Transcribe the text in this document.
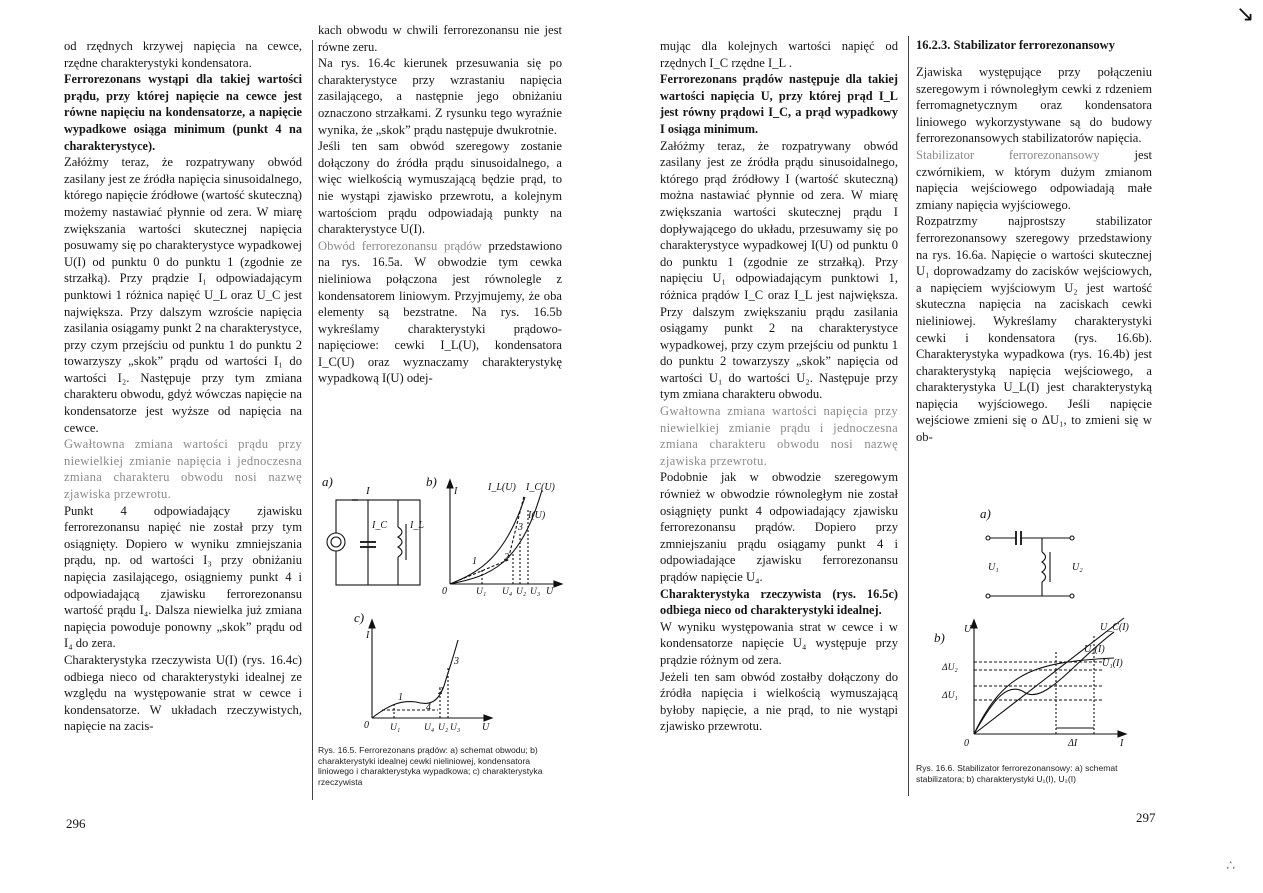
od rzędnych krzywej napięcia na cewce, rzędne charakterystyki kondensatora.

Ferrorezonans wystąpi dla takiej wartości prądu, przy której napięcie na cewce jest równe napięciu na kondensatorze, a napięcie wypadkowe osiąga minimum (punkt 4 na charakterystyce).

Załóżmy teraz, że rozpatrywany obwód zasilany jest ze źródła napięcia sinusoidalnego, którego napięcie źródłowe (wartość skuteczną) możemy nastawiać płynnie od zera. W miarę zwiększania wartości skutecznej napięcia posuwamy się po charakterystyce wypadkowej U(I) od punktu 0 do punktu 1 (zgodnie ze strzałką). Przy prądzie I₁ odpowiadającym punktowi 1 różnica napięć U_L oraz U_C jest największa. Przy dalszym wzroście napięcia zasilania osiągamy punkt 2 na charakterystyce, przy czym przejściu od punktu 1 do punktu 2 towarzyszy „skok” prądu od wartości I₁ do wartości I₂. Następuje przy tym zmiana charakteru obwodu, gdyż wówczas napięcie na kondensatorze jest wyższe od napięcia na cewce.

Gwałtowna zmiana wartości prądu przy niewielkiej zmianie napięcia i jednoczesna zmiana charakteru obwodu nosi nazwę zjawiska przewrotu.

Punkt 4 odpowiadający zjawisku ferrorezonansu napięć nie został przy tym osiągnięty. Dopiero w wyniku zmniejszania prądu, np. od wartości I₃ przy obniżaniu napięcia zasilającego, osiągniemy punkt 4 i odpowiadającą zjawisku ferrorezonansu wartość prądu I₄. Dalsza niewielka już zmiana napięcia powoduje ponowny „skok” prądu od I₄ do zera.

Charakterystyka rzeczywista U(I) (rys. 16.4c) odbiega nieco od charakterystyki idealnej ze względu na występowanie strat w cewce i kondensatorze. W układach rzeczywistych, napięcie na zacis-

kach obwodu w chwili ferrorezonansu nie jest równe zeru.

Na rys. 16.4c kierunek przesuwania się po charakterystyce przy wzrastaniu napięcia zasilającego, a następnie jego obniżaniu oznaczono strzałkami. Z rysunku tego wyraźnie wynika, że „skok” prądu następuje dwukrotnie.

Jeśli ten sam obwód szeregowy zostanie dołączony do źródła prądu sinusoidalnego, a więc wielkością wymuszającą będzie prąd, to nie wystąpi zjawisko przewrotu, a kolejnym wartościom prądu odpowiadają punkty na charakterystyce U(I).

Obwód ferrorezonansu prądów przedstawiono na rys. 16.5a. W obwodzie tym cewka nieliniowa połączona jest równolegle z kondensatorem liniowym. Przyjmujemy, że oba elementy są bezstratne. Na rys. 16.5b wykreślamy charakterystyki prądowo-napięciowe: cewki I_L(U), kondensatora I_C(U) oraz wyznaczamy charakterystykę wypadkową I(U) odej-

a)
I
I_C I_L
b)
I	I_L(U) I_C(U)
I(U)
3
2
1
0	U₁ U₄ U₂ U₃ U
c)
I
3
2
1
4
0 U₁	U₄ U₂ U₃ U
Rys. 16.5. Ferrorezonans prądów: a) schemat obwodu; b) charakterystyki idealnej cewki nieliniowej, kondensatora liniowego i charakterystyka wypadkowa; c) charakterystyka rzeczywista
296

mując dla kolejnych wartości napięć od rzędnych I_C rzędne I_L .

Ferrorezonans prądów następuje dla takiej wartości napięcia U, przy której prąd I_L jest równy prądowi I_C, a prąd wypadkowy I osiąga minimum.

Załóżmy teraz, że rozpatrywany obwód zasilany jest ze źródła prądu sinusoidalnego, którego prąd źródłowy I (wartość skuteczną) można nastawiać płynnie od zera. W miarę zwiększania wartości skutecznej prądu I dopływającego do układu, przesuwamy się po charakterystyce wypadkowej I(U) od punktu 0 do punktu 1 (zgodnie ze strzałką). Przy napięciu U₁ odpowiadającym punktowi 1, różnica prądów I_C oraz I_L jest największa. Przy dalszym zwiększaniu prądu zasilania osiągamy punkt 2 na charakterystyce wypadkowej, przy czym przejściu od punktu 1 do punktu 2 towarzyszy „skok” napięcia od wartości U₁ do wartości U₂. Następuje przy tym zmiana charakteru obwodu.

Gwałtowna zmiana wartości napięcia przy niewielkiej zmianie prądu i jednoczesna zmiana charakteru obwodu nosi nazwę zjawiska przewrotu.

Podobnie jak w obwodzie szeregowym również w obwodzie równoległym nie został osiągnięty punkt 4 odpowiadający zjawisku ferrorezonansu prądów. Dopiero przy zmniejszaniu prądu osiągamy punkt 4 i odpowiadające zjawisku ferrorezonansu prądów napięcie U₄.

Charakterystyka rzeczywista (rys. 16.5c) odbiega nieco od charakterystyki idealnej.

W wyniku występowania strat w cewce i w kondensatorze napięcie U₄ występuje przy prądzie różnym od zera.

Jeżeli ten sam obwód zostałby dołączony do źródła napięcia i wielkością wymuszającą byłoby napięcie, a nie prąd, to nie wystąpi zjawisko przewrotu.

16.2.3. Stabilizator ferrorezonansowy

Zjawiska występujące przy połączeniu szeregowym i równoległym cewki z rdzeniem ferromagnetycznym oraz kondensatora liniowego wykorzystywane są do budowy ferrorezonansowych stabilizatorów napięcia.

Stabilizator ferrorezonansowy jest czwórnikiem, w którym dużym zmianom napięcia wejściowego odpowiadają małe zmiany napięcia wyjściowego.

Rozpatrzmy najprostszy stabilizator ferrorezonansowy szeregowy przedstawiony na rys. 16.6a. Napięcie o wartości skutecznej U₁ doprowadzamy do zacisków wejściowych, a napięciem wyjściowym U₂ jest wartość skuteczna napięcia na zaciskach cewki nieliniowej. Wykreślamy charakterystyki cewki i kondensatora (rys. 16.6b). Charakterystyka wypadkowa (rys. 16.4b) jest charakterystyką napięcia wejściowego, a charakterystyka U_L(I) jest charakterystyką napięcia wyjściowego. Jeśli napięcie wejściowe zmieni się o ΔU₁, to zmieni się w ob-

a)
U₁	U₂
b)
U	U_C(I)
U₂(I)
U₁(I)
ΔU₂
ΔU₁
0	ΔI	I
Rys. 16.6. Stabilizator ferrorezonansowy: a) schemat stabilizatora; b) charakterystyki U₁(I), U₂(I)
297
↘
∴
